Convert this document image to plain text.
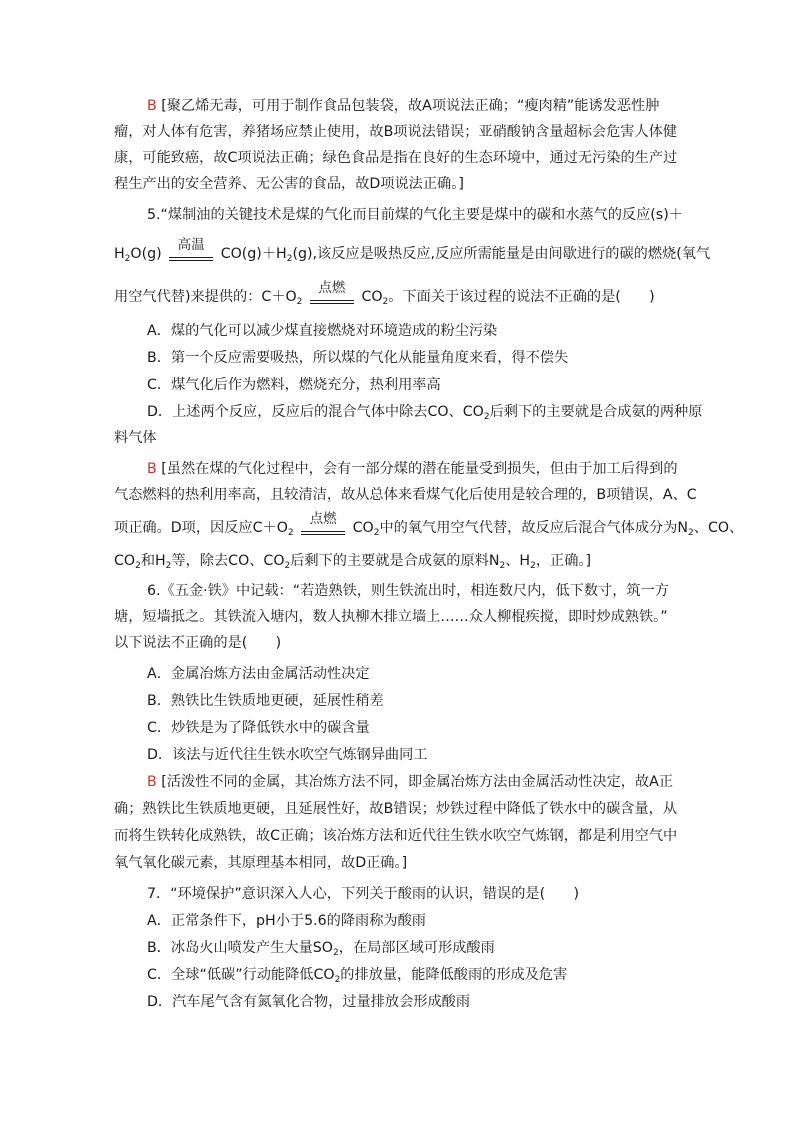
B [聚乙烯无毒，可用于制作食品包装袋，故A项说法正确；“瘦肉精”能诱发恶性肿
瘤，对人体有危害，养猪场应禁止使用，故B项说法错误；亚硝酸钠含量超标会危害人体健
康，可能致癌，故C项说法正确；绿色食品是指在良好的生态环境中，通过无污染的生产过
程生产出的安全营养、无公害的食品，故D项说法正确。]
5.“煤制油的关键技术是煤的气化而目前煤的气化主要是煤中的碳和水蒸气的反应(s)＋
$H_2O(g)$
高温
$CO(g)+H_2(g)$,该反应是吸热反应,反应所需能量是由间歇进行的碳的燃烧(氧气
用空气代替)来提供的：$C+O_2$
点燃
$CO_2$。下面关于该过程的说法不正确的是(　　)
A．煤的气化可以减少煤直接燃烧对环境造成的粉尘污染
B．第一个反应需要吸热，所以煤的气化从能量角度来看，得不偿失
C．煤气化后作为燃料，燃烧充分，热利用率高
D．上述两个反应，反应后的混合气体中除去CO、$CO_2$后剩下的主要就是合成氨的两种原
料气体
B [虽然在煤的气化过程中，会有一部分煤的潜在能量受到损失，但由于加工后得到的
气态燃料的热利用率高，且较清洁，故从总体来看煤气化后使用是较合理的，B项错误，A、C
项正确。D项，因反应$C+O_2$
点燃
$CO_2$中的氧气用空气代替，故反应后混合气体成分为$N_2$、CO、
$CO_2$和$H_2$等，除去CO、$CO_2$后剩下的主要就是合成氨的原料$N_2$、$H_2$，正确。]
6.《五金·铁》中记载：“若造熟铁，则生铁流出时，相连数尺内，低下数寸，筑一方
塘，短墙抵之。其铁流入塘内，数人执柳木排立墙上……众人柳棍疾搅，即时炒成熟铁。”
以下说法不正确的是(　　)
A．金属冶炼方法由金属活动性决定
B．熟铁比生铁质地更硬，延展性稍差
C．炒铁是为了降低铁水中的碳含量
D．该法与近代往生铁水吹空气炼钢异曲同工
B [活泼性不同的金属，其冶炼方法不同，即金属冶炼方法由金属活动性决定，故A正
确；熟铁比生铁质地更硬，且延展性好，故B错误；炒铁过程中降低了铁水中的碳含量，从
而将生铁转化成熟铁，故C正确；该冶炼方法和近代往生铁水吹空气炼钢，都是利用空气中
氧气氧化碳元素，其原理基本相同，故D正确。]
7．“环境保护”意识深入人心，下列关于酸雨的认识，错误的是(　　)
A．正常条件下，pH小于5.6的降雨称为酸雨
B．冰岛火山喷发产生大量$SO_2$，在局部区域可形成酸雨
C．全球“低碳”行动能降低$CO_2$的排放量，能降低酸雨的形成及危害
D．汽车尾气含有氮氧化合物，过量排放会形成酸雨
